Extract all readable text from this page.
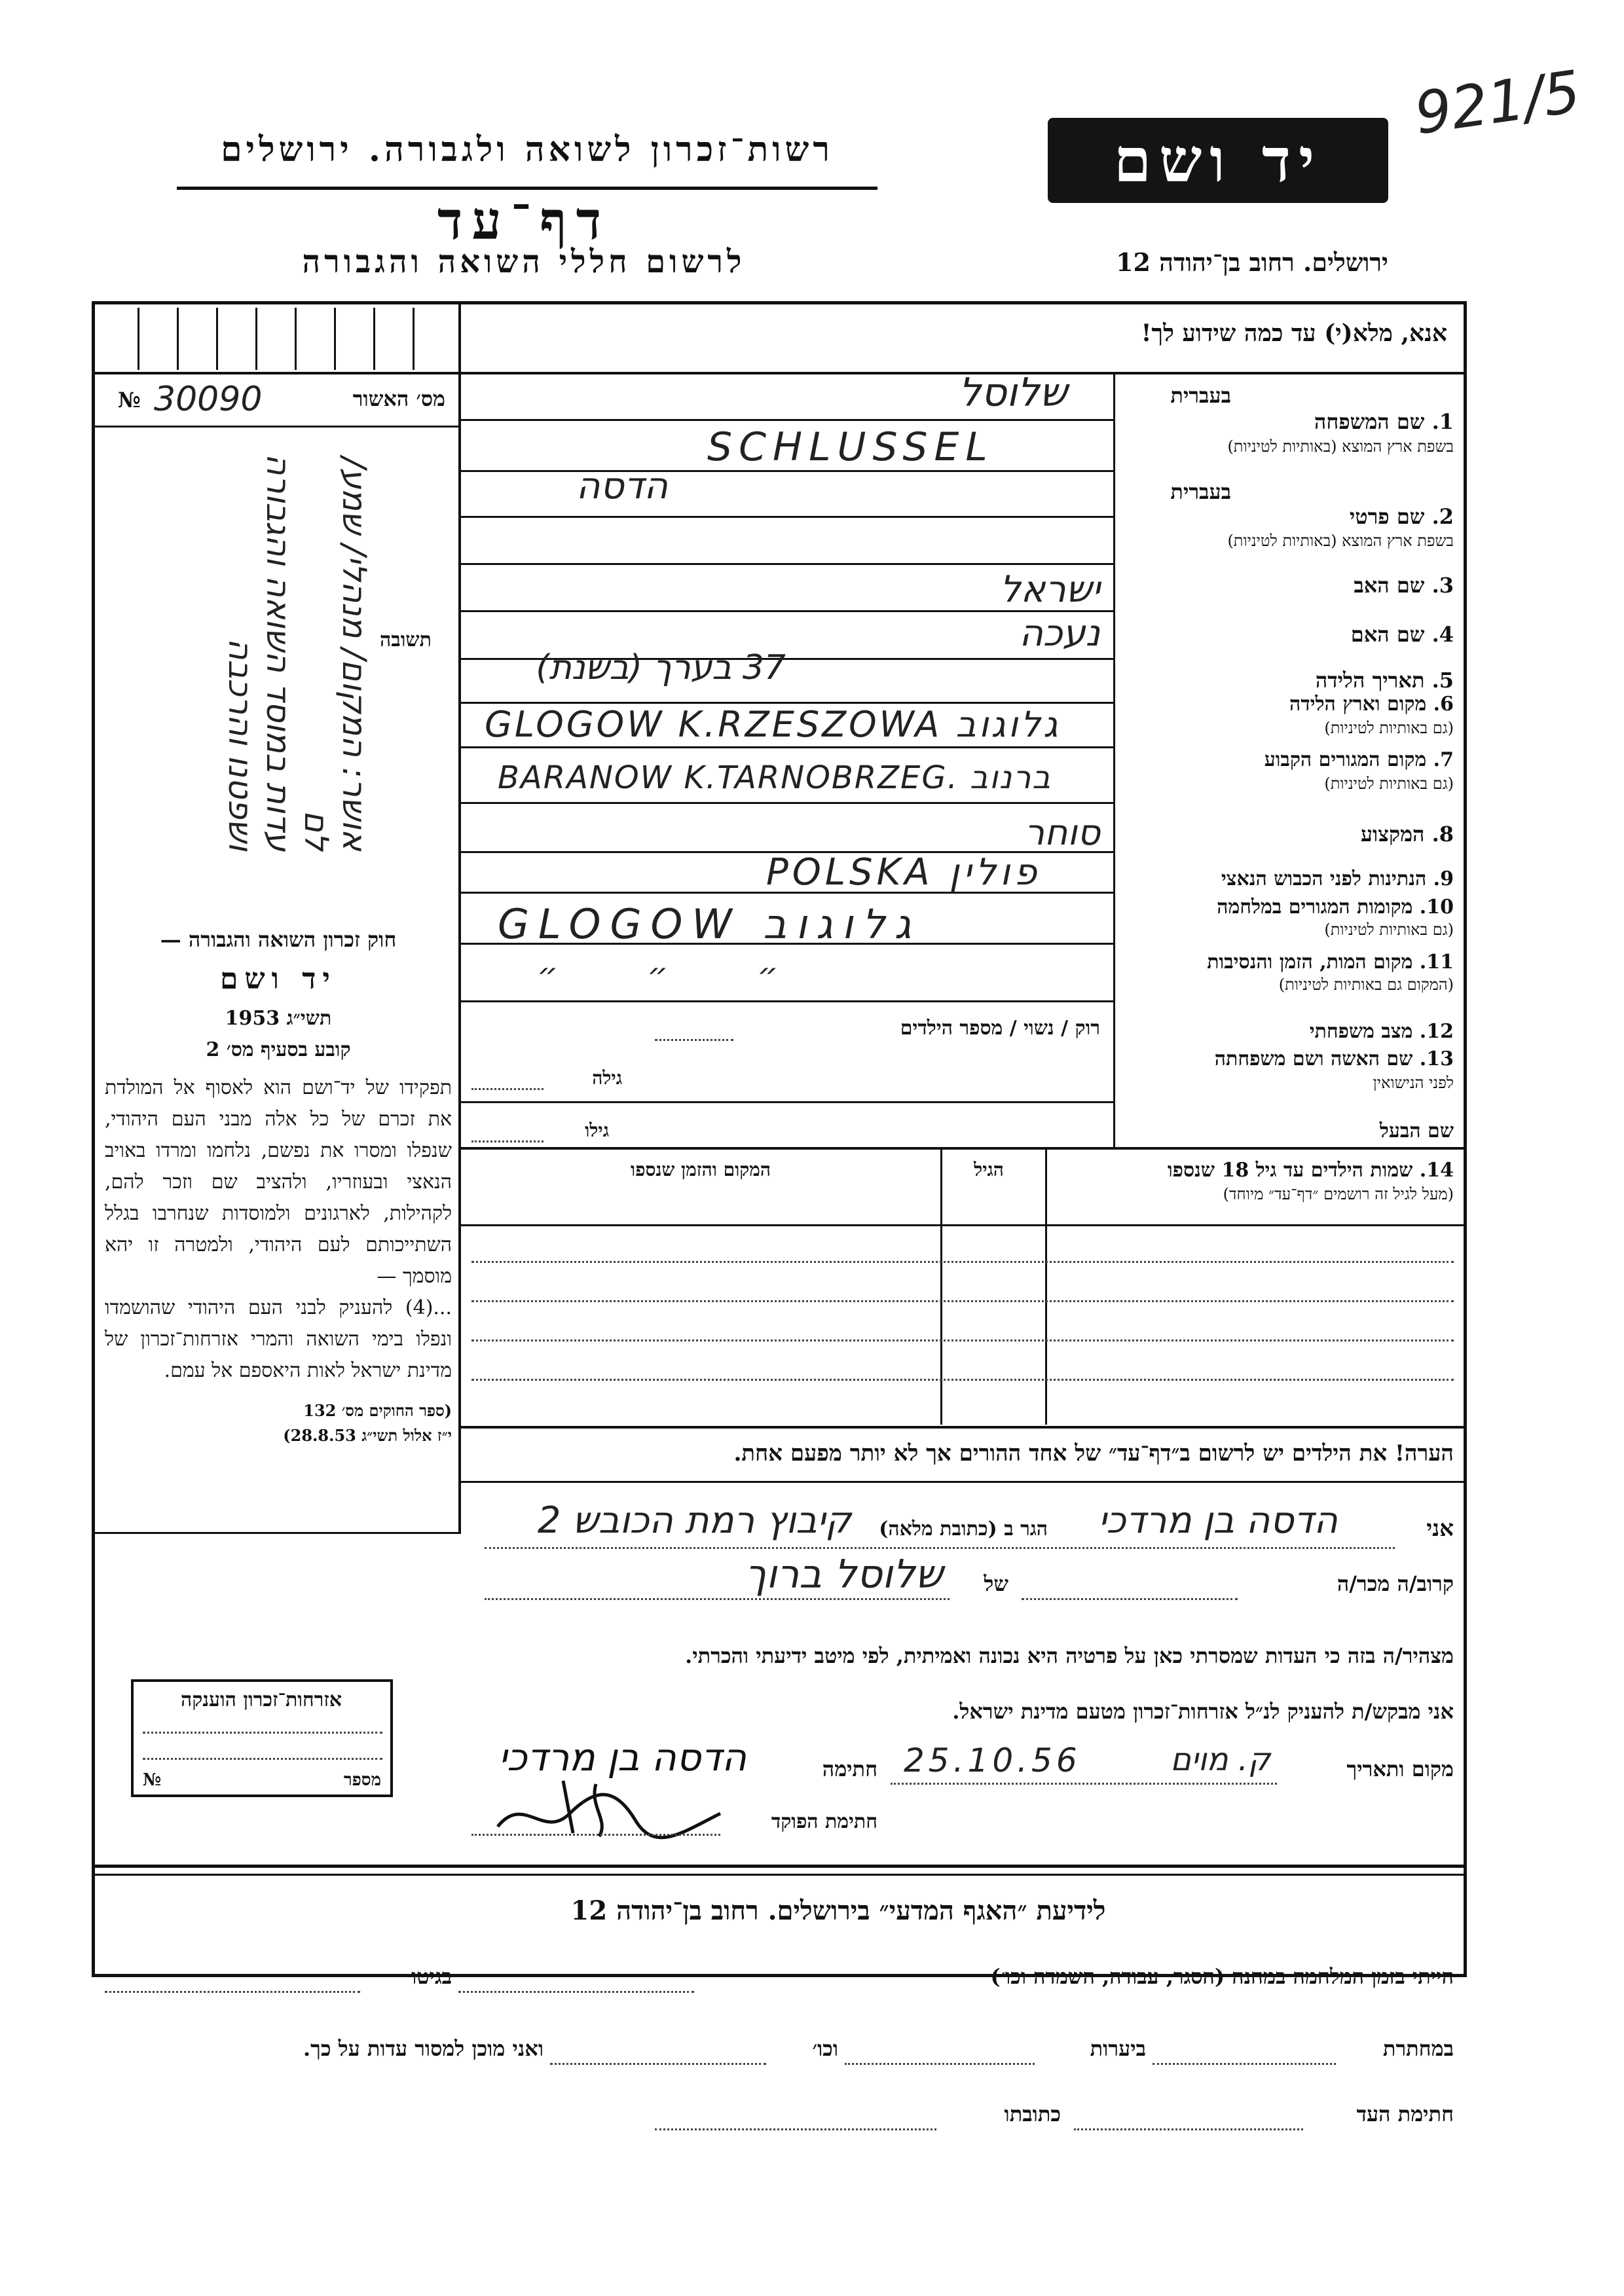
921/5
רשות־זכרון לשואה ולגבורה. ירושלים
דף־עד
לרשום חללי השואה והגבורה
יד ושם
ירושלים. רחוב בן־יהודה 12
אנא, מלא(י) עד כמה שידוע לך!
מס׳ האשור
30090
№
תשובה
אושר: המקום/ מנהלי/ שמע/ לם
עדות במוסד השואה והגבורה
ושפטנו והרכבה
חוק זכרון השואה והגבורה —
יד ושם
תשי״ג 1953
קובע בסעיף מס׳ 2
תפקידו של יד־ושם הוא לאסוף אל המולדת את זכרם של כל אלה מבני העם היהודי, שנפלו ומסרו את נפשם, נלחמו ומרדו באויב הנאצי ובעוזריו, ולהציב שם וזכר להם, לקהילות, לארגונים ולמוסדות שנחרבו בגלל השתייכותם לעם היהודי, ולמטרה זו יהא מוסמך —
...(4) להעניק לבני העם היהודי שהושמדו ונפלו בימי השואה והמרי אזרחות־זכרון של מדינת ישראל לאות היאספם אל עמם.
(ספר החוקים מס׳ 132
י״ז אלול תשי״ג 28.8.53)
בעברית
בעברית
1. שם המשפחה
בשפת ארץ המוצא (באותיות לטיניות)
2. שם פרטי
בשפת ארץ המוצא (באותיות לטיניות)
3. שם האב
4. שם האם
5. תאריך הלידה
6. מקום וארץ הלידה
(גם באותיות לטיניות)
7. מקום המגורים הקבוע
(גם באותיות לטיניות)
8. המקצוע
9. הנתינות לפני הכבוש הנאצי
10. מקומות המגורים במלחמה
(גם באותיות לטיניות)
11. מקום המות, הזמן והנסיבות
(המקום גם באותיות לטיניות)
12. מצב משפחתי
13. שם האשה ושם משפחתה
לפני הנישואין
שם הבעל
שלוסל
SCHLUSSEL
הדסה
ישראל
נעכה
37 בערך (בשנת)
GLOGOW K.RZESZOWA גלוגוב
BARANOW K.TARNOBRZEG. ברנוב
סוחר
POLSKA פולין
GLOGOW גלוגוב
״ ״ ״
רוק / נשוי / מספר הילדים
גילה
גילו
14. שמות הילדים עד גיל 18 שנספו
(מעל לגיל זה רושמים ״דף־עד״ מיוחד)
הגיל
המקום והזמן שנספו
הערה! את הילדים יש לרשום ב״דף־עד״ של אחד ההורים אך לא יותר מפעם אחת.
אני
הדסה בן מרדכי
הגר ב (כתובת מלאה)
קיבוץ רמת הכובש 2
קרוב/ה מכר/ה
של
שלוסל ברוך
מצהיר/ה בזה כי העדות שמסרתי כאן על פרטיה היא נכונה ואמיתית, לפי מיטב ידיעתי והכרתי.
אני מבקש/ת להעניק לנ״ל אזרחות־זכרון מטעם מדינת ישראל.
מקום ותאריך
ק. מוים
25.10.56
חתימה
הדסה בן מרדכי
חתימת הפוקד
אזרחות־זכרון הוענקה
מספר
№
לידיעת ״האגף המדעי״ בירושלים. רחוב בן־יהודה 12
הייתי בזמן המלחמה במחנה (הסגר, עבודה, השמדה וכו׳)
בגיטו
במחתרת
ביערות
וכו׳
ואני מוכן למסור עדות על כך.
חתימת העד
כתובתו
